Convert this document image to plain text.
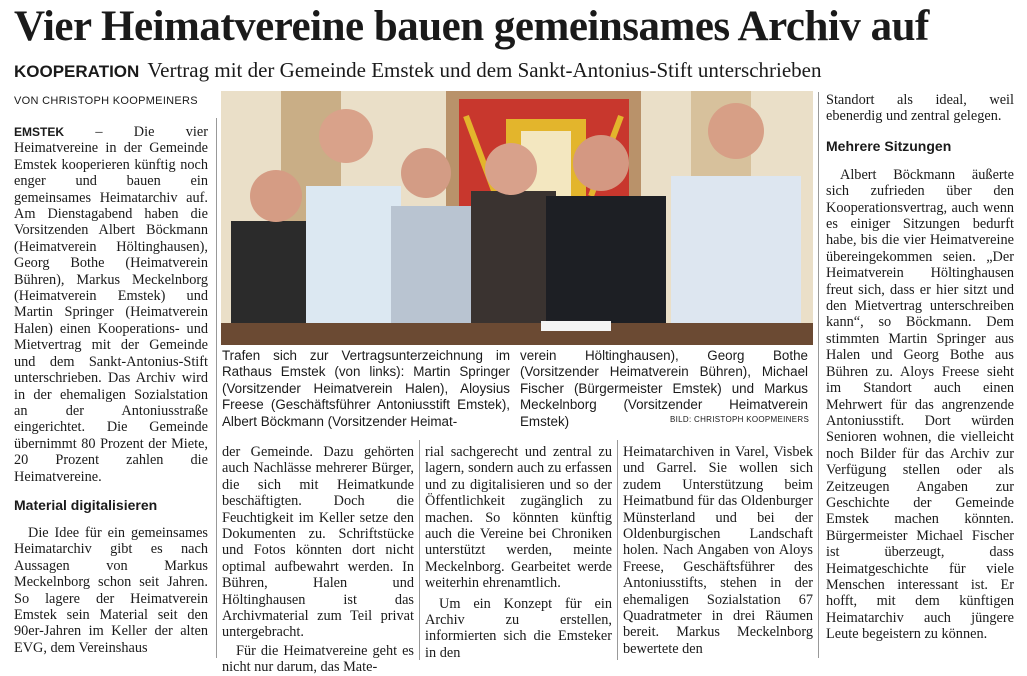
Vier Heimatvereine bauen gemeinsames Archiv auf
KOOPERATION Vertrag mit der Gemeinde Emstek und dem Sankt-Antonius-Stift unterschrieben
VON CHRISTOPH KOOPMEINERS

EMSTEK – Die vier Heimatvereine in der Gemeinde Emstek kooperieren künftig noch enger und bauen ein gemeinsames Heimatarchiv auf. Am Dienstagabend haben die Vorsitzenden Albert Böckmann (Heimatverein Höltinghausen), Georg Bothe (Heimatverein Bühren), Markus Meckelnborg (Heimatverein Emstek) und Martin Springer (Heimatverein Halen) einen Kooperations- und Mietvertrag mit der Gemeinde und dem Sankt-Antonius-Stift unterschrieben. Das Archiv wird in der ehemaligen Sozialstation an der Antoniusstraße eingerichtet. Die Gemeinde übernimmt 80 Prozent der Miete, 20 Prozent zahlen die Heimatvereine.

Material digitalisieren

Die Idee für ein gemeinsames Heimatarchiv gibt es nach Aussagen von Markus Meckelnborg schon seit Jahren. So lagere der Heimatverein Emstek sein Material seit den 90er-Jahren im Keller der alten EVG, dem Vereinshaus

Trafen sich zur Vertragsunterzeichnung im Rathaus Emstek (von links): Martin Springer (Vorsitzender Heimatverein Halen), Aloysius Freese (Geschäftsführer Antoniusstift Emstek), Albert Böckmann (Vorsitzender Heimat-
verein Höltinghausen), Georg Bothe (Vorsitzender Heimatverein Bühren), Michael Fischer (Bürgermeister Emstek) und Markus Meckelnborg (Vorsitzender Heimatverein Emstek)	BILD: CHRISTOPH KOOPMEINERS

der Gemeinde. Dazu gehörten auch Nachlässe mehrerer Bürger, die sich mit Heimatkunde beschäftigten. Doch die Feuchtigkeit im Keller setze den Dokumenten zu. Schriftstücke und Fotos könnten dort nicht optimal aufbewahrt werden. In Bühren, Halen und Höltinghausen ist das Archivmaterial zum Teil privat untergebracht.

Für die Heimatvereine geht es nicht nur darum, das Mate-

rial sachgerecht und zentral zu lagern, sondern auch zu erfassen und zu digitalisieren und so der Öffentlichkeit zugänglich zu machen. So könnten künftig auch die Vereine bei Chroniken unterstützt werden, meinte Meckelnborg. Gearbeitet werde weiterhin ehrenamtlich.

Um ein Konzept für ein Archiv zu erstellen, informierten sich die Emsteker in den

Heimatarchiven in Varel, Visbek und Garrel. Sie wollen sich zudem Unterstützung beim Heimatbund für das Oldenburger Münsterland und bei der Oldenburgischen Landschaft holen. Nach Angaben von Aloys Freese, Geschäftsführer des Antoniusstifts, stehen in der ehemaligen Sozialstation 67 Quadratmeter in drei Räumen bereit. Markus Meckelnborg bewertete den

Standort als ideal, weil ebenerdig und zentral gelegen.

Mehrere Sitzungen

Albert Böckmann äußerte sich zufrieden über den Kooperationsvertrag, auch wenn es einiger Sitzungen bedurft habe, bis die vier Heimatvereine übereingekommen seien. „Der Heimatverein Höltinghausen freut sich, dass er hier sitzt und den Mietvertrag unterschreiben kann“, so Böckmann. Dem stimmten Martin Springer aus Halen und Georg Bothe aus Bühren zu. Aloys Freese sieht im Standort auch einen Mehrwert für das angrenzende Antoniusstift. Dort würden Senioren wohnen, die vielleicht noch Bilder für das Archiv zur Verfügung stellen oder als Zeitzeugen Angaben zur Geschichte der Gemeinde Emstek machen könnten. Bürgermeister Michael Fischer ist überzeugt, dass Heimatgeschichte für viele Menschen interessant ist. Er hofft, mit dem künftigen Heimatarchiv auch jüngere Leute begeistern zu können.
